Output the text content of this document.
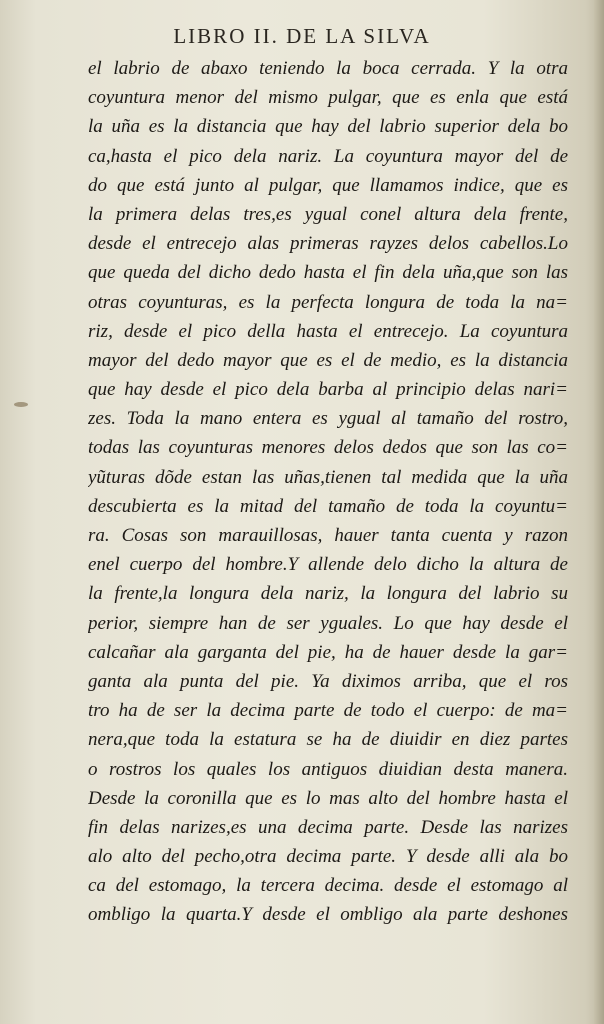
LIBRO II. DE LA SILVA
el labrio de abaxo teniendo la boca cerrada. Y la otra
coyuntura menor del mismo pulgar, que es enla que está
la uña es la distancia que hay del labrio superior dela bo
ca,hasta el pico dela nariz. La coyuntura mayor del de
do que está junto al pulgar, que llamamos indice, que es
la primera delas tres,es ygual conel altura dela frente,
desde el entrecejo alas primeras rayzes delos cabellos.Lo
que queda del dicho dedo hasta el fin dela uña,que son las
otras coyunturas, es la perfecta longura de toda la na=
riz, desde el pico della hasta el entrecejo. La coyuntura
mayor del dedo mayor que es el de medio, es la distancia
que hay desde el pico dela barba al principio delas nari=
zes. Toda la mano entera es ygual al tamaño del rostro,
todas las coyunturas menores delos dedos que son las co=
yũturas dõde estan las uñas,tienen tal medida que la uña
descubierta es la mitad del tamaño de toda la coyuntu=
ra. Cosas son marauillosas, hauer tanta cuenta y razon
enel cuerpo del hombre.Y allende delo dicho la altura de
la frente,la longura dela nariz, la longura del labrio su
perior, siempre han de ser yguales. Lo que hay desde el
calcañar ala garganta del pie, ha de hauer desde la gar=
ganta ala punta del pie. Ya diximos arriba, que el ros
tro ha de ser la decima parte de todo el cuerpo: de ma=
nera,que toda la estatura se ha de diuidir en diez partes
o rostros los quales los antiguos diuidian desta manera.
Desde la coronilla que es lo mas alto del hombre hasta el
fin delas narizes,es una decima parte. Desde las narizes
alo alto del pecho,otra decima parte. Y desde alli ala bo
ca del estomago, la tercera decima. desde el estomago al
ombligo la quarta.Y desde el ombligo ala parte deshones
